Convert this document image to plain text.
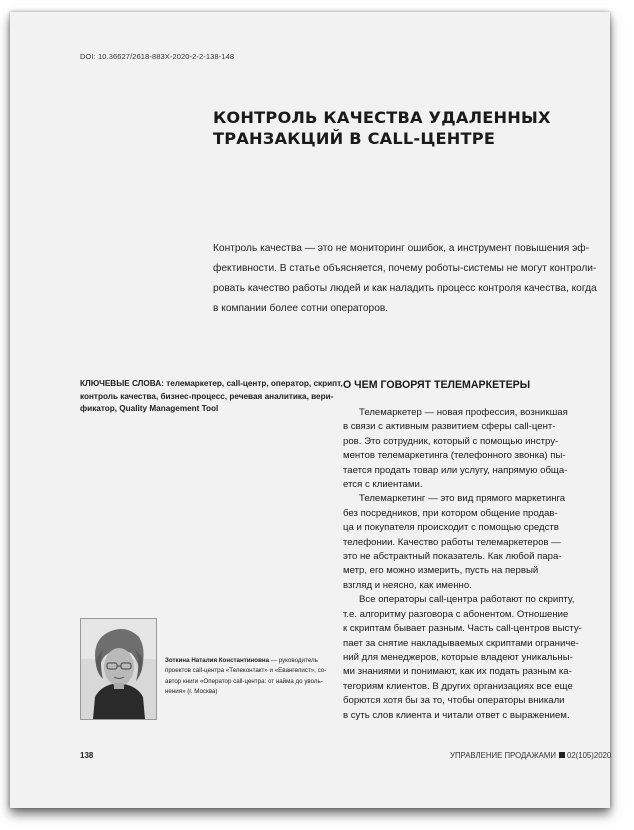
DOI: 10.36627/2618-883X-2020-2-2-138-148
КОНТРОЛЬ КАЧЕСТВА УДАЛЕННЫХ
ТРАНЗАКЦИЙ В CALL-ЦЕНТРЕ
Контроль качества — это не мониторинг ошибок, а инструмент повышения эф-
фективности. В статье объясняется, почему роботы-системы не могут контроли-
ровать качество работы людей и как наладить процесс контроля качества, когда
в компании более сотни операторов.
КЛЮЧЕВЫЕ СЛОВА: телемаркетер, call-центр, оператор, скрипт,
контроль качества, бизнес-процесс, речевая аналитика, вери-
фикатор, Quality Management Tool
О ЧЕМ ГОВОРЯТ ТЕЛЕМАРКЕТЕРЫ
Телемаркетер — новая профессия, возникшая
в связи с активным развитием сферы call-цент-
ров. Это сотрудник, который с помощью инстру-
ментов телемаркетинга (телефонного звонка) пы-
тается продать товар или услугу, напрямую обща-
ется с клиентами.
Телемаркетинг — это вид прямого маркетинга
без посредников, при котором общение продав-
ца и покупателя происходит с помощью средств
телефонии. Качество работы телемаркетеров —
это не абстрактный показатель. Как любой пара-
метр, его можно измерить, пусть на первый
взгляд и неясно, как именно.
Все операторы call-центра работают по скрипту,
т.е. алгоритму разговора с абонентом. Отношение
к скриптам бывает разным. Часть call-центров высту-
пает за снятие накладываемых скриптами ограниче-
ний для менеджеров, которые владеют уникальны-
ми знаниями и понимают, как их подать разным ка-
тегориям клиентов. В других организациях все еще
борются хотя бы за то, чтобы операторы вникали
в суть слов клиента и читали ответ с выражением.
Зоткина Наталия Константиновна — руководитель
проектов call-центра «Телеконтакт» и «Евангелист», со-
автор книги «Оператор call-центра: от найма до уволь-
нения» (г. Москва)
138	УПРАВЛЕНИЕ ПРОДАЖАМИ 02(105)2020
